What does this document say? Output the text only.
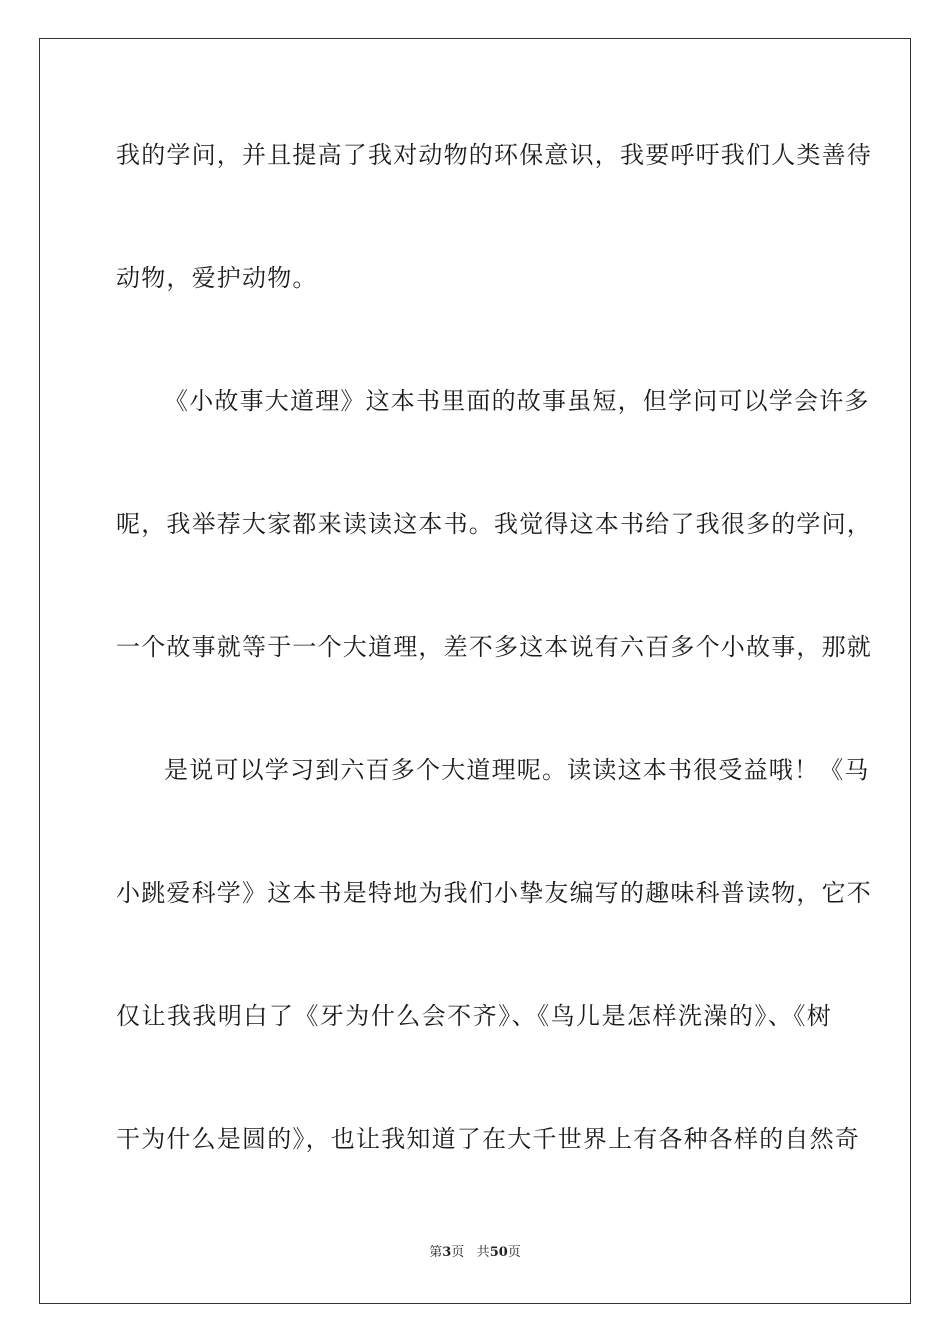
我的学问，并且提高了我对动物的环保意识，我要呼吁我们人类善待
动物，爱护动物。
《小故事大道理》这本书里面的故事虽短，但学问可以学会许多
呢，我举荐大家都来读读这本书。我觉得这本书给了我很多的学问，
一个故事就等于一个大道理，差不多这本说有六百多个小故事，那就
是说可以学习到六百多个大道理呢。读读这本书很受益哦！《马
小跳爱科学》这本书是特地为我们小挚友编写的趣味科普读物，它不
仅让我我明白了《牙为什么会不齐》、《鸟儿是怎样洗澡的》、《树
干为什么是圆的》，也让我知道了在大千世界上有各种各样的自然奇
第3页 共50页
